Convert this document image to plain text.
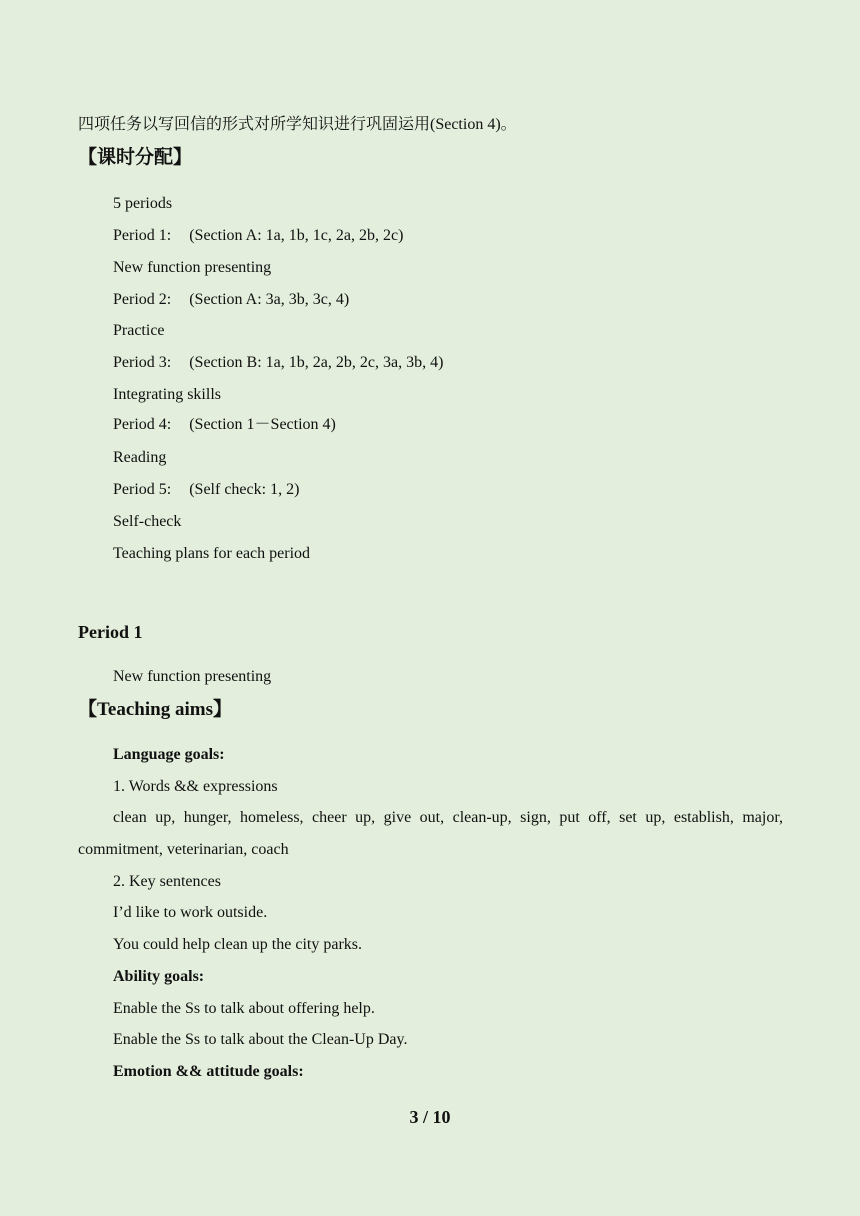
四项任务以写回信的形式对所学知识进行巩固运用(Section 4)。
【课时分配】
5 periods
Period 1: (Section A: 1a, 1b, 1c, 2a, 2b, 2c)
New function presenting
Period 2: (Section A: 3a, 3b, 3c, 4)
Practice
Period 3: (Section B: 1a, 1b, 2a, 2b, 2c, 3a, 3b, 4)
Integrating skills
Period 4: (Section 1－Section 4)
Reading
Period 5: (Self check: 1, 2)
Self-check
Teaching plans for each period
Period 1
New function presenting
【Teaching aims】
Language goals:
1. Words && expressions
clean up, hunger, homeless, cheer up, give out, clean-up, sign, put off, set up, establish, major, commitment, veterinarian, coach
2. Key sentences
I’d like to work outside.
You could help clean up the city parks.
Ability goals:
Enable the Ss to talk about offering help.
Enable the Ss to talk about the Clean-Up Day.
Emotion && attitude goals:
3 / 10
